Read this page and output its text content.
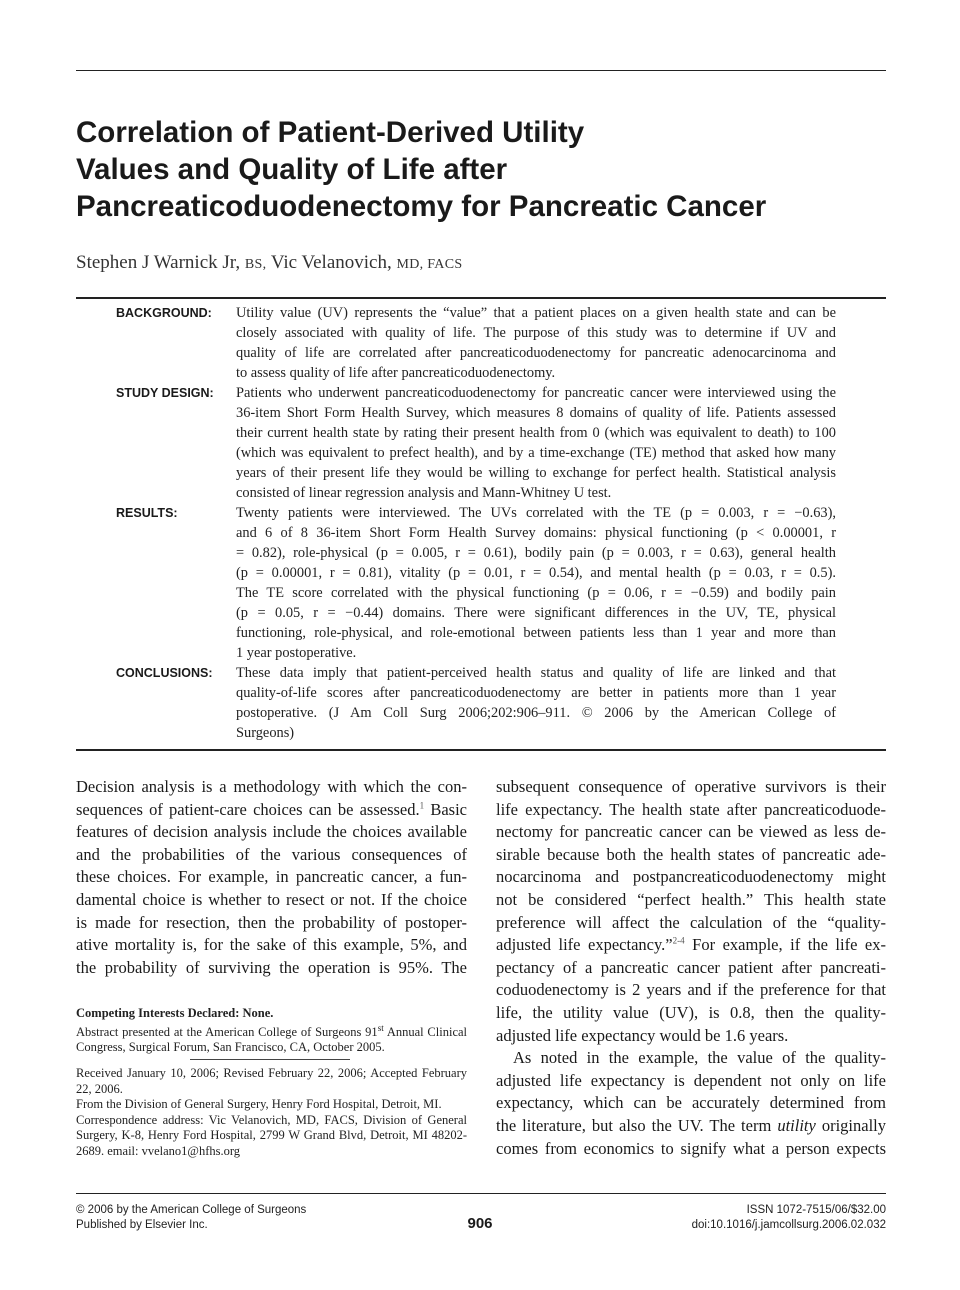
Correlation of Patient-Derived Utility
Values and Quality of Life after
Pancreaticoduodenectomy for Pancreatic Cancer
Stephen J Warnick Jr, BS, Vic Velanovich, MD, FACS
BACKGROUND: Utility value (UV) represents the “value” that a patient places on a given health state and can be
closely associated with quality of life. The purpose of this study was to determine if UV and
quality of life are correlated after pancreaticoduodenectomy for pancreatic adenocarcinoma and
to assess quality of life after pancreaticoduodenectomy.
STUDY DESIGN: Patients who underwent pancreaticoduodenectomy for pancreatic cancer were interviewed using the
36-item Short Form Health Survey, which measures 8 domains of quality of life. Patients assessed
their current health state by rating their present health from 0 (which was equivalent to death) to 100
(which was equivalent to prefect health), and by a time-exchange (TE) method that asked how many
years of their present life they would be willing to exchange for perfect health. Statistical analysis
consisted of linear regression analysis and Mann-Whitney U test.
RESULTS:	Twenty patients were interviewed. The UVs correlated with the TE (p = 0.003, r = −0.63),
and 6 of 8 36-item Short Form Health Survey domains: physical functioning (p < 0.00001, r
= 0.82), role-physical (p = 0.005, r = 0.61), bodily pain (p = 0.003, r = 0.63), general health
(p = 0.00001, r = 0.81), vitality (p = 0.01, r = 0.54), and mental health (p = 0.03, r = 0.5).
The TE score correlated with the physical functioning (p = 0.06, r = −0.59) and bodily pain
(p = 0.05, r = −0.44) domains. There were significant differences in the UV, TE, physical
functioning, role-physical, and role-emotional between patients less than 1 year and more than
1 year postoperative.
CONCLUSIONS: These data imply that patient-perceived health status and quality of life are linked and that
quality-of-life scores after pancreaticoduodenectomy are better in patients more than 1 year
postoperative. (J Am Coll Surg 2006;202:906–911. © 2006 by the American College of
Surgeons)
Decision analysis is a methodology with which the con-
sequences of patient-care choices can be assessed.$^1$ Basic
features of decision analysis include the choices available
and the probabilities of the various consequences of
these choices. For example, in pancreatic cancer, a fun-
damental choice is whether to resect or not. If the choice
is made for resection, then the probability of postoper-
ative mortality is, for the sake of this example, 5%, and
the probability of surviving the operation is 95%. The
Competing Interests Declared: None.
Abstract presented at the American College of Surgeons 91st Annual Clinical
Congress, Surgical Forum, San Francisco, CA, October 2005.
Received January 10, 2006; Revised February 22, 2006; Accepted February
22, 2006.
From the Division of General Surgery, Henry Ford Hospital, Detroit, MI.
Correspondence address: Vic Velanovich, MD, FACS, Division of General
Surgery, K-8, Henry Ford Hospital, 2799 W Grand Blvd, Detroit, MI 48202-
2689. email: vvelano1@hfhs.org
subsequent consequence of operative survivors is their
life expectancy. The health state after pancreaticoduode-
nectomy for pancreatic cancer can be viewed as less de-
sirable because both the health states of pancreatic ade-
nocarcinoma and postpancreaticoduodenectomy might
not be considered “perfect health.” This health state
preference will affect the calculation of the “quality-
adjusted life expectancy.”$^{2-4}$ For example, if the life ex-
pectancy of a pancreatic cancer patient after pancreati-
coduodenectomy is 2 years and if the preference for that
life, the utility value (UV), is 0.8, then the quality-
adjusted life expectancy would be 1.6 years.
As noted in the example, the value of the quality-
adjusted life expectancy is dependent not only on life
expectancy, which can be accurately determined from
the literature, but also the UV. The term utility originally
comes from economics to signify what a person expects
© 2006 by the American College of Surgeons
Published by Elsevier Inc.	906
ISSN 1072-7515/06/$32.00
doi:10.1016/j.jamcollsurg.2006.02.032
